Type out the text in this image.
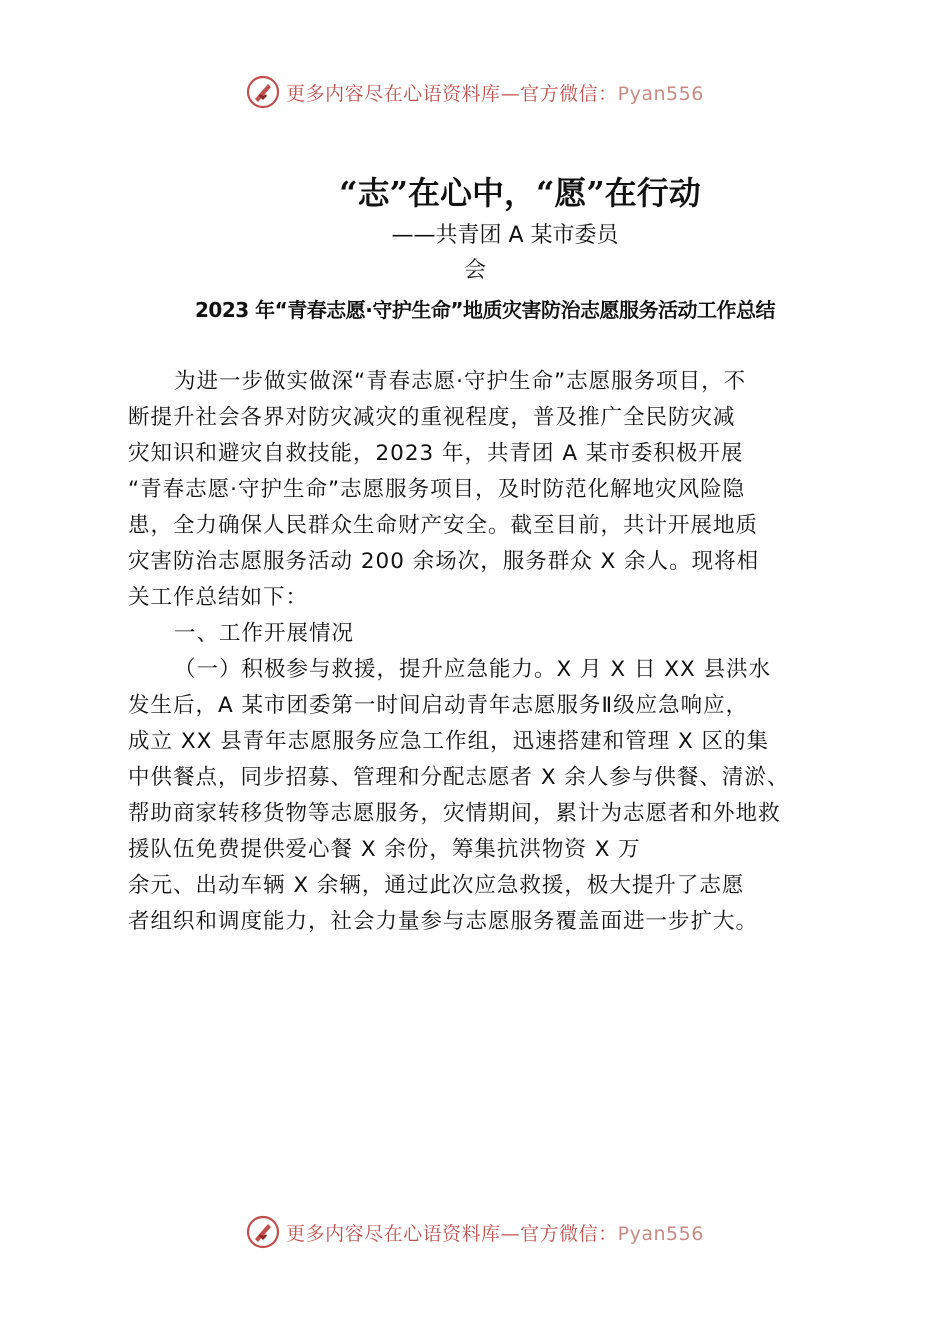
更多内容尽在心语资料库—官方微信：Pyan556
“志”在心中，“愿”在行动
——共青团 A 某市委员
会
2023 年“青春志愿·守护生命”地质灾害防治志愿服务活动工作总结

为进一步做实做深“青春志愿·守护生命”志愿服务项目，不

断提升社会各界对防灾减灾的重视程度，普及推广全民防灾减

灾知识和避灾自救技能，2023 年，共青团 A 某市委积极开展

“青春志愿·守护生命”志愿服务项目，及时防范化解地灾风险隐

患，全力确保人民群众生命财产安全。截至目前，共计开展地质

灾害防治志愿服务活动 200 余场次，服务群众 X 余人。现将相

关工作总结如下：

一、工作开展情况

（一）积极参与救援，提升应急能力。X 月 X 日 XX 县洪水

发生后，A 某市团委第一时间启动青年志愿服务Ⅱ级应急响应，

成立 XX 县青年志愿服务应急工作组，迅速搭建和管理 X 区的集

中供餐点，同步招募、管理和分配志愿者 X 余人参与供餐、清淤、

帮助商家转移货物等志愿服务，灾情期间，累计为志愿者和外地救

援队伍免费提供爱心餐 X 余份，筹集抗洪物资 X 万

余元、出动车辆 X 余辆，通过此次应急救援，极大提升了志愿

者组织和调度能力，社会力量参与志愿服务覆盖面进一步扩大。

更多内容尽在心语资料库—官方微信：Pyan556
